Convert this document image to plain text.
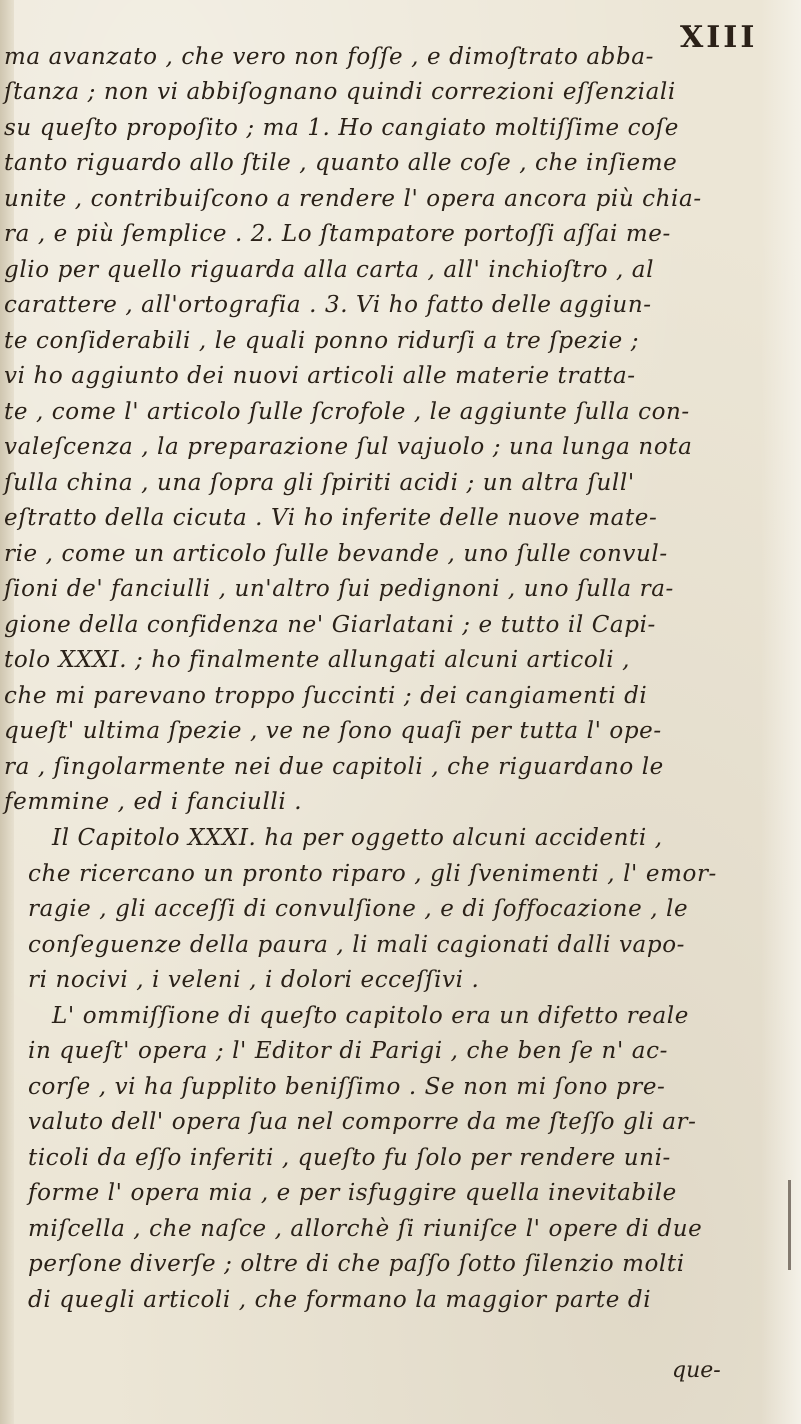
XIII
ma avanzato , che vero non foſſe , e dimoſtrato abba-
ſtanza ; non vi abbiſognano quindi correzioni eſſenziali
su queſto propoſito ; ma 1. Ho cangiato moltiſſime coſe
tanto riguardo allo ſtile , quanto alle coſe , che inſieme
unite , contribuiſcono a rendere l' opera ancora più chia-
ra , e più ſemplice . 2. Lo ſtampatore portoſſi aſſai me-
glio per quello riguarda alla carta , all' inchioſtro , al
carattere , all'ortografia . 3. Vi ho fatto delle aggiun-
te conſiderabili , le quali ponno ridurſi a tre ſpezie ;
vi ho aggiunto dei nuovi articoli alle materie tratta-
te , come l' articolo ſulle ſcrofole , le aggiunte ſulla con-
valeſcenza , la preparazione ſul vajuolo ; una lunga nota
ſulla china , una ſopra gli ſpiriti acidi ; un altra ſull'
eſtratto della cicuta . Vi ho inferite delle nuove mate-
rie , come un articolo ſulle bevande , uno ſulle convul-
ſioni de' fanciulli , un'altro ſui pedignoni , uno ſulla ra-
gione della confidenza ne' Giarlatani ; e tutto il Capi-
tolo XXXI. ; ho finalmente allungati alcuni articoli ,
che mi parevano troppo ſuccinti ; dei cangiamenti di
queſt' ultima ſpezie , ve ne ſono quaſi per tutta l' ope-
ra , ſingolarmente nei due capitoli , che riguardano le
femmine , ed i fanciulli .
Il Capitolo XXXI. ha per oggetto alcuni accidenti ,
che ricercano un pronto riparo , gli ſvenimenti , l' emor-
ragie , gli acceſſi di convulſione , e di ſoffocazione , le
conſeguenze della paura , li mali cagionati dalli vapo-
ri nocivi , i veleni , i dolori ecceſſivi .
L' ommiſſione di queſto capitolo era un difetto reale
in queſt' opera ; l' Editor di Parigi , che ben ſe n' ac-
corſe , vi ha ſupplito beniſſimo . Se non mi ſono pre-
valuto dell' opera ſua nel comporre da me ſteſſo gli ar-
ticoli da eſſo inferiti , queſto fu ſolo per rendere uni-
forme l' opera mia , e per isfuggire quella inevitabile
miſcella , che naſce , allorchè ſi riuniſce l' opere di due
perſone diverſe ; oltre di che paſſo ſotto ſilenzio molti
di quegli articoli , che formano la maggior parte di
que-
